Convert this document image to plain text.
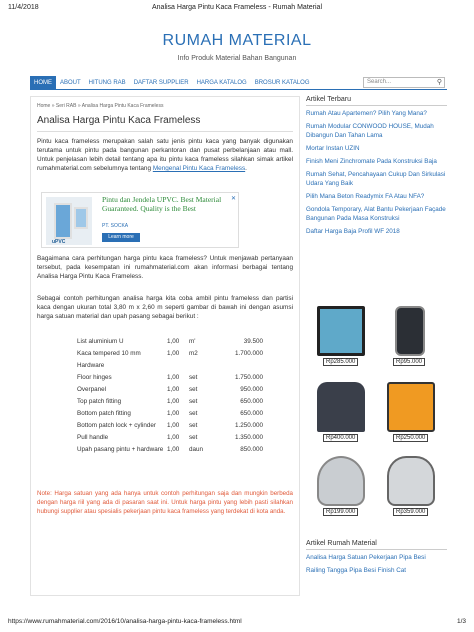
11/4/2018	Analisa Harga Pintu Kaca Frameless - Rumah Material
RUMAH MATERIAL
Info Produk Material Bahan Bangunan
HOME	ABOUT	HITUNG RAB	DAFTAR SUPPLIER	HARGA KATALOG	BROSUR KATALOG	Search...	⚲
Home » Seri RAB » Analisa Harga Pintu Kaca Frameless
Analisa Harga Pintu Kaca Frameless
Pintu kaca frameless merupakan salah satu jenis pintu kaca yang banyak digunakan terutama untuk pintu pada bangunan perkantoran dan pusat perbelanjaan atau mall. Untuk penjelasan lebih detail tentang apa itu pintu kaca frameless silahkan simak artikel rumahmaterial.com sebelumnya tentang Mengenal Pintu Kaca Frameless.
uPVC
Pintu dan Jendela UPVC. Best Material Guaranteed. Quality is the Best
PT. SOCKA
Learn more
✕
Bagaimana cara perhitungan harga pintu kaca frameless? Untuk menjawab pertanyaan tersebut, pada kesempatan ini rumahmaterial.com akan informasi berbagai tentang Analisa Harga Pintu Kaca Frameless.
Sebagai contoh perhitungan analisa harga kita coba ambil pintu frameless dan partisi kaca dengan ukuran total 3,80 m x 2,60 m seperti gambar di bawah ini dengan asumsi harga satuan material dan upah pasang sebagai berikut :
List aluminium U	1,00 m'	39.500
Kaca tempered 10 mm	1,00 m2	1.700.000
Hardware
Floor hinges	1,00 set	1.750.000
Overpanel	1,00 set	950.000
Top patch fitting	1,00 set	650.000
Bottom patch fitting	1,00 set	650.000
Bottom patch lock + cylinder 1,00 set	1.250.000
Pull handle	1,00 set	1.350.000
Upah pasang pintu + hardware 1,00 daun	850.000
Note: Harga satuan yang ada hanya untuk contoh perhitungan saja dan mungkin berbeda dengan harga riil yang ada di pasaran saat ini. Untuk harga pintu yang lebih pasti silahkan hubungi supplier atau spesialis pekerjaan pintu kaca frameless yang terdekat di kota anda.
Artikel Terbaru
Rumah Atau Apartemen? Pilih Yang Mana?
Rumah Modular CONWOOD HOUSE, Mudah Dibangun Dan Tahan Lama
Mortar Instan UZIN
Finish Meni Zinchromate Pada Konstruksi Baja
Rumah Sehat, Pencahayaan Cukup Dan Sirkulasi Udara Yang Baik
Pilih Mana Beton Readymix FA Atau NFA?
Gondola Temporary, Alat Bantu Pekerjaan Façade Bangunan Pada Masa Konstruksi
Daftar Harga Baja Profil WF 2018
Rp285.000	Rp95.000
Rp400.000	Rp250.000
Rp199.000	Rp359.000
Artikel Rumah Material
Analisa Harga Satuan Pekerjaan Pipa Besi
Railing Tangga Pipa Besi Finish Cat
https://www.rumahmaterial.com/2016/10/analisa-harga-pintu-kaca-frameless.html	1/3
